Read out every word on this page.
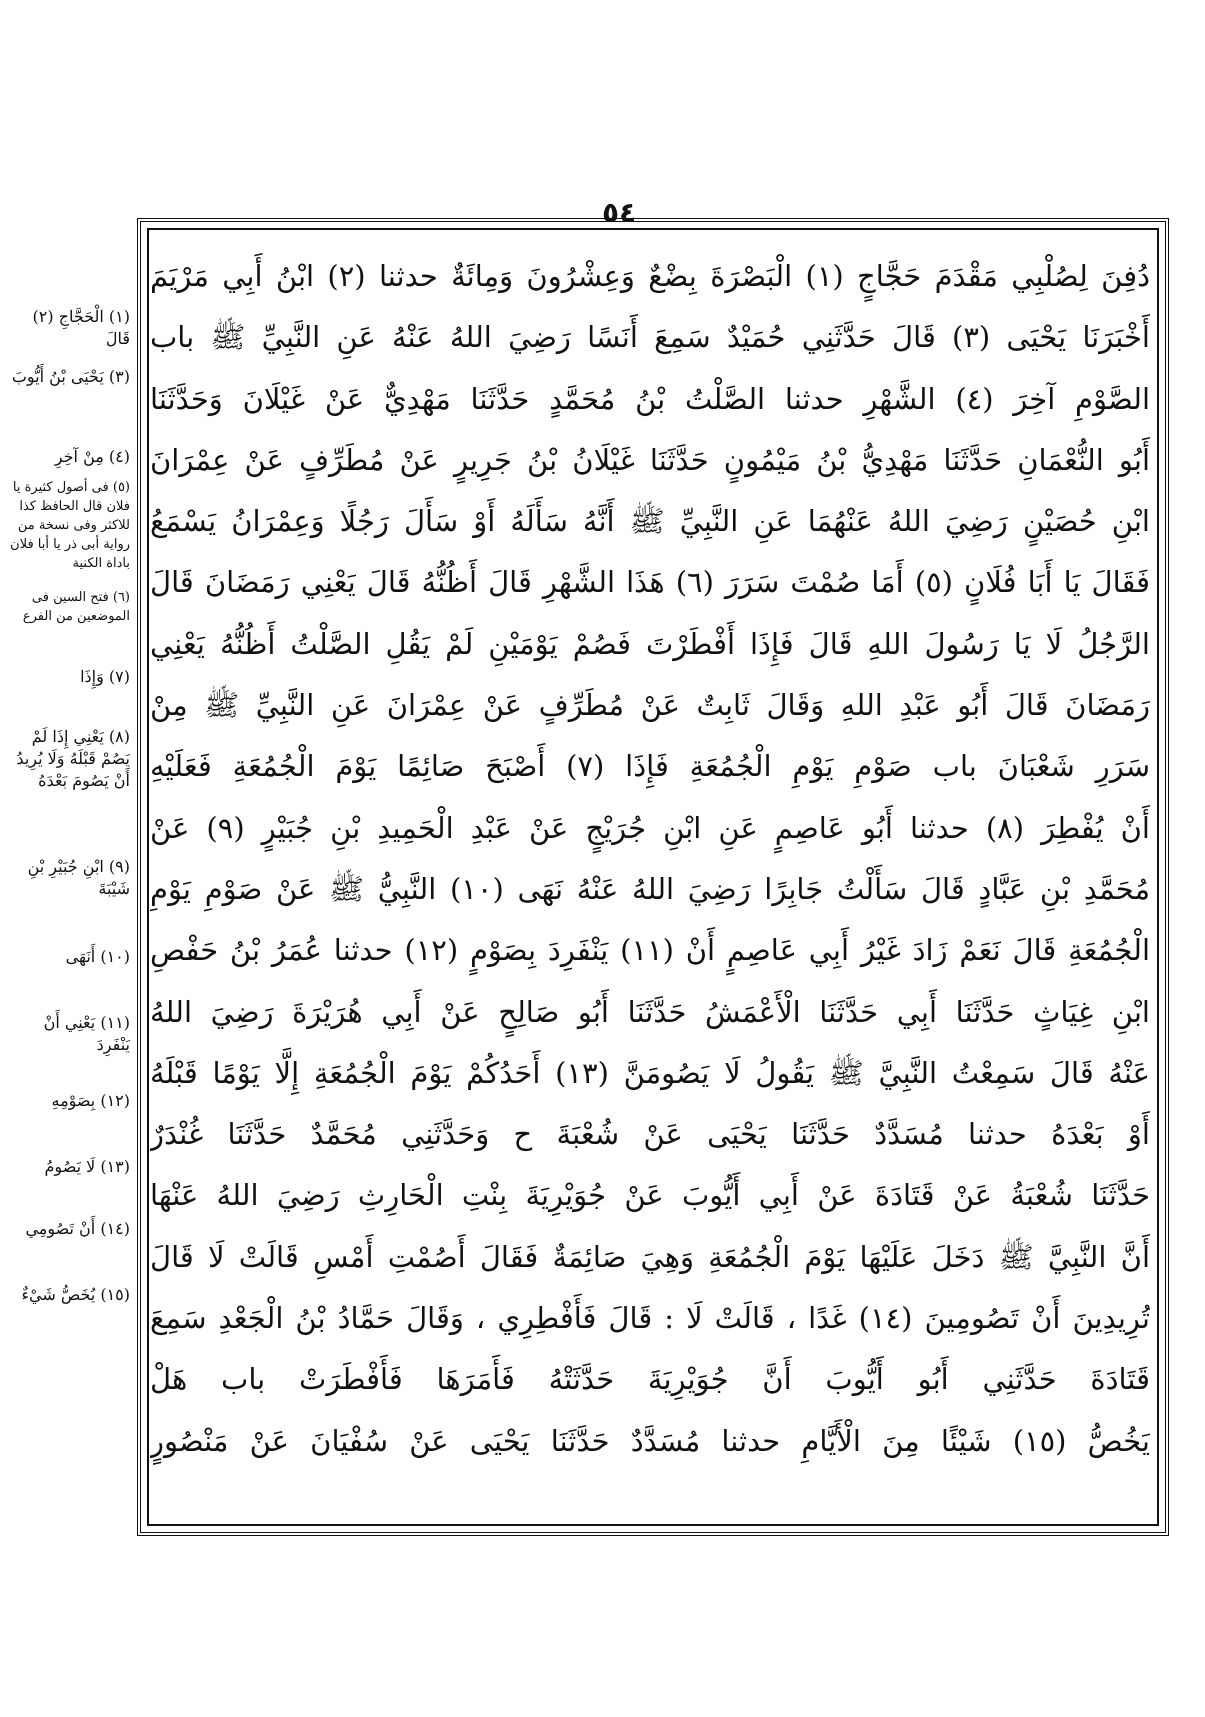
٥٤
دُفِنَ لِصُلْبِي مَقْدَمَ حَجَّاجٍ (١) الْبَصْرَةَ بِضْعٌ وَعِشْرُونَ وَمِائَةٌ حدثنا (٢) ابْنُ أَبِي مَرْيَمَ
أَخْبَرَنَا يَحْيَى (٣) قَالَ حَدَّثَنِي حُمَيْدٌ سَمِعَ أَنَسًا رَضِيَ اللهُ عَنْهُ عَنِ النَّبِيِّ ﷺ باب
الصَّوْمِ آخِرَ (٤) الشَّهْرِ حدثنا الصَّلْتُ بْنُ مُحَمَّدٍ حَدَّثَنَا مَهْدِيٌّ عَنْ غَيْلَانَ وَحَدَّثَنَا
أَبُو النُّعْمَانِ حَدَّثَنَا مَهْدِيُّ بْنُ مَيْمُونٍ حَدَّثَنَا غَيْلَانُ بْنُ جَرِيرٍ عَنْ مُطَرِّفٍ عَنْ عِمْرَانَ
ابْنِ حُصَيْنٍ رَضِيَ اللهُ عَنْهُمَا عَنِ النَّبِيِّ ﷺ أَنَّهُ سَأَلَهُ أَوْ سَأَلَ رَجُلًا وَعِمْرَانُ يَسْمَعُ
فَقَالَ يَا أَبَا فُلَانٍ (٥) أَمَا صُمْتَ سَرَرَ (٦) هَذَا الشَّهْرِ قَالَ أَظُنُّهُ قَالَ يَعْنِي رَمَضَانَ قَالَ
الرَّجُلُ لَا يَا رَسُولَ اللهِ قَالَ فَإِذَا أَفْطَرْتَ فَصُمْ يَوْمَيْنِ لَمْ يَقُلِ الصَّلْتُ أَظُنُّهُ يَعْنِي
رَمَضَانَ قَالَ أَبُو عَبْدِ اللهِ وَقَالَ ثَابِتٌ عَنْ مُطَرِّفٍ عَنْ عِمْرَانَ عَنِ النَّبِيِّ ﷺ مِنْ
سَرَرِ شَعْبَانَ باب صَوْمِ يَوْمِ الْجُمُعَةِ فَإِذَا (٧) أَصْبَحَ صَائِمًا يَوْمَ الْجُمُعَةِ فَعَلَيْهِ
أَنْ يُفْطِرَ (٨) حدثنا أَبُو عَاصِمٍ عَنِ ابْنِ جُرَيْجٍ عَنْ عَبْدِ الْحَمِيدِ بْنِ جُبَيْرٍ (٩) عَنْ
مُحَمَّدِ بْنِ عَبَّادٍ قَالَ سَأَلْتُ جَابِرًا رَضِيَ اللهُ عَنْهُ نَهَى (١٠) النَّبِيُّ ﷺ عَنْ صَوْمِ يَوْمِ
الْجُمُعَةِ قَالَ نَعَمْ زَادَ غَيْرُ أَبِي عَاصِمٍ أَنْ (١١) يَنْفَرِدَ بِصَوْمٍ (١٢) حدثنا عُمَرُ بْنُ حَفْصِ
ابْنِ غِيَاثٍ حَدَّثَنَا أَبِي حَدَّثَنَا الْأَعْمَشُ حَدَّثَنَا أَبُو صَالِحٍ عَنْ أَبِي هُرَيْرَةَ رَضِيَ اللهُ
عَنْهُ قَالَ سَمِعْتُ النَّبِيَّ ﷺ يَقُولُ لَا يَصُومَنَّ (١٣) أَحَدُكُمْ يَوْمَ الْجُمُعَةِ إِلَّا يَوْمًا قَبْلَهُ
أَوْ بَعْدَهُ حدثنا مُسَدَّدٌ حَدَّثَنَا يَحْيَى عَنْ شُعْبَةَ ح وَحَدَّثَنِي مُحَمَّدٌ حَدَّثَنَا غُنْدَرٌ
حَدَّثَنَا شُعْبَةُ عَنْ قَتَادَةَ عَنْ أَبِي أَيُّوبَ عَنْ جُوَيْرِيَةَ بِنْتِ الْحَارِثِ رَضِيَ اللهُ عَنْهَا
أَنَّ النَّبِيَّ ﷺ دَخَلَ عَلَيْهَا يَوْمَ الْجُمُعَةِ وَهِيَ صَائِمَةٌ فَقَالَ أَصُمْتِ أَمْسِ قَالَتْ لَا قَالَ
تُرِيدِينَ أَنْ تَصُومِينَ (١٤) غَدًا ، قَالَتْ لَا : قَالَ فَأَفْطِرِي ، وَقَالَ حَمَّادُ بْنُ الْجَعْدِ سَمِعَ
قَتَادَةَ حَدَّثَنِي أَبُو أَيُّوبَ أَنَّ جُوَيْرِيَةَ حَدَّثَتْهُ فَأَمَرَهَا فَأَفْطَرَتْ باب هَلْ
يَخُصُّ (١٥) شَيْئًا مِنَ الْأَيَّامِ حدثنا مُسَدَّدٌ حَدَّثَنَا يَحْيَى عَنْ سُفْيَانَ عَنْ مَنْصُورٍ
(١) الْحَجَّاجِ (٢) قَالَ
(٣) يَحْيَى بْنُ أَيُّوبَ
(٤) مِنْ آخِرِ
(٥) فى أصول كثيرة يا فلان قال الحافظ كذا للاكثر وفى نسخة من رواية أبى ذر يا أبا فلان باداة الكنية
(٦) فتح السين فى الموضعين من الفرع
(٧) وَإِذَا
(٨) يَعْنِي إِذَا لَمْ يَصُمْ قَبْلَهُ وَلَا يُرِيدُ أَنْ يَصُومَ بَعْدَهُ
(٩) ابْنِ جُبَيْرِ بْنِ شَيْبَةَ
(١٠) أَنَهَى
(١١) يَعْنِي أَنْ يَنْفَرِدَ
(١٢) بِصَوْمِهِ
(١٣) لَا يَصُومُ
(١٤) أَنْ تَصُومِي
(١٥) يُخَصُّ شَيْءٌ
